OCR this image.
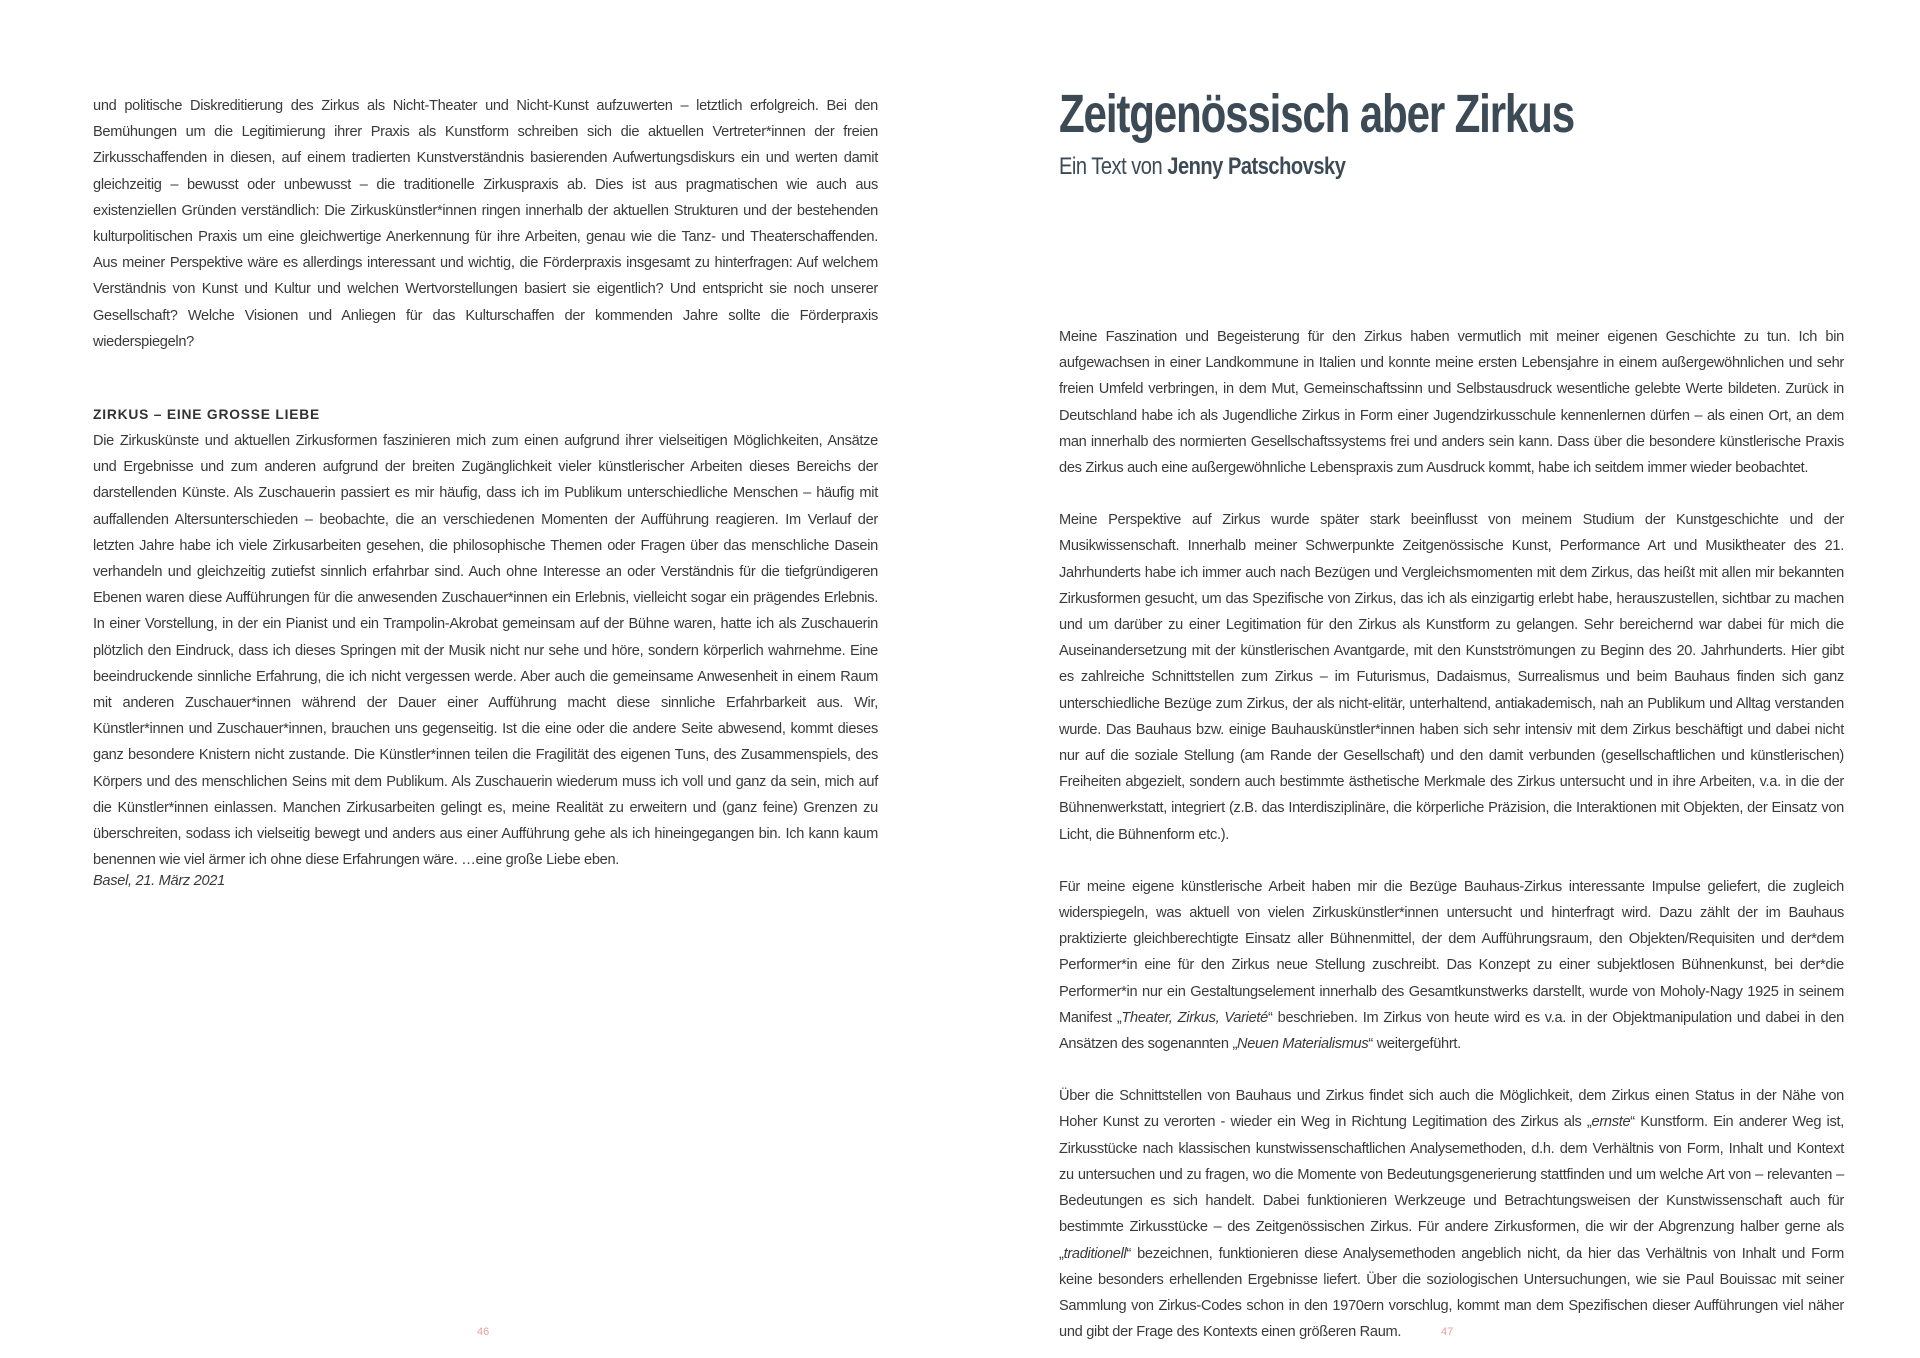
und politische Diskreditierung des Zirkus als Nicht-Theater und Nicht-Kunst aufzuwerten – letztlich erfolgreich. Bei den Bemühungen um die Legitimierung ihrer Praxis als Kunstform schreiben sich die aktuellen Vertreter*innen der freien Zirkusschaffenden in diesen, auf einem tradierten Kunstverständnis basierenden Aufwertungsdiskurs ein und werten damit gleichzeitig – bewusst oder unbewusst – die traditionelle Zirkuspraxis ab. Dies ist aus pragmatischen wie auch aus existenziellen Gründen verständlich: Die Zirkuskünstler*innen ringen innerhalb der aktuellen Strukturen und der bestehenden kulturpolitischen Praxis um eine gleichwertige Anerkennung für ihre Arbeiten, genau wie die Tanz- und Theaterschaffenden. Aus meiner Perspektive wäre es allerdings interessant und wichtig, die Förderpraxis insgesamt zu hinterfragen: Auf welchem Verständnis von Kunst und Kultur und welchen Wertvorstellungen basiert sie eigentlich? Und entspricht sie noch unserer Gesellschaft? Welche Visionen und Anliegen für das Kulturschaffen der kommenden Jahre sollte die Förderpraxis wiederspiegeln?

ZIRKUS – EINE GROSSE LIEBE

Die Zirkuskünste und aktuellen Zirkusformen faszinieren mich zum einen aufgrund ihrer vielseitigen Möglichkeiten, Ansätze und Ergebnisse und zum anderen aufgrund der breiten Zugänglichkeit vieler künstlerischer Arbeiten dieses Bereichs der darstellenden Künste. Als Zuschauerin passiert es mir häufig, dass ich im Publikum unterschiedliche Menschen – häufig mit auffallenden Altersunterschieden – beobachte, die an verschiedenen Momenten der Aufführung reagieren. Im Verlauf der letzten Jahre habe ich viele Zirkusarbeiten gesehen, die philosophische Themen oder Fragen über das menschliche Dasein verhandeln und gleichzeitig zutiefst sinnlich erfahrbar sind. Auch ohne Interesse an oder Verständnis für die tiefgründigeren Ebenen waren diese Aufführungen für die anwesenden Zuschauer*innen ein Erlebnis, vielleicht sogar ein prägendes Erlebnis. In einer Vorstellung, in der ein Pianist und ein Trampolin-Akrobat gemeinsam auf der Bühne waren, hatte ich als Zuschauerin plötzlich den Eindruck, dass ich dieses Springen mit der Musik nicht nur sehe und höre, sondern körperlich wahrnehme. Eine beeindruckende sinnliche Erfahrung, die ich nicht vergessen werde. Aber auch die gemeinsame Anwesenheit in einem Raum mit anderen Zuschauer*innen während der Dauer einer Aufführung macht diese sinnliche Erfahrbarkeit aus. Wir, Künstler*innen und Zuschauer*innen, brauchen uns gegenseitig. Ist die eine oder die andere Seite abwesend, kommt dieses ganz besondere Knistern nicht zustande. Die Künstler*innen teilen die Fragilität des eigenen Tuns, des Zusammenspiels, des Körpers und des menschlichen Seins mit dem Publikum. Als Zuschauerin wiederum muss ich voll und ganz da sein, mich auf die Künstler*innen einlassen. Manchen Zirkusarbeiten gelingt es, meine Realität zu erweitern und (ganz feine) Grenzen zu überschreiten, sodass ich vielseitig bewegt und anders aus einer Aufführung gehe als ich hineingegangen bin. Ich kann kaum benennen wie viel ärmer ich ohne diese Erfahrungen wäre. …eine große Liebe eben.

Basel, 21. März 2021
46
Zeitgenössisch aber Zirkus
Ein Text von Jenny Patschovsky

Meine Faszination und Begeisterung für den Zirkus haben vermutlich mit meiner eigenen Geschichte zu tun. Ich bin aufgewachsen in einer Landkommune in Italien und konnte meine ersten Lebensjahre in einem außergewöhnlichen und sehr freien Umfeld verbringen, in dem Mut, Gemeinschaftssinn und Selbstausdruck wesentliche gelebte Werte bildeten. Zurück in Deutschland habe ich als Jugendliche Zirkus in Form einer Jugendzirkusschule kennenlernen dürfen – als einen Ort, an dem man innerhalb des normierten Gesellschaftssystems frei und anders sein kann. Dass über die besondere künstlerische Praxis des Zirkus auch eine außergewöhnliche Lebenspraxis zum Ausdruck kommt, habe ich seitdem immer wieder beobachtet.

Meine Perspektive auf Zirkus wurde später stark beeinflusst von meinem Studium der Kunstgeschichte und der Musikwissenschaft. Innerhalb meiner Schwerpunkte Zeitgenössische Kunst, Performance Art und Musiktheater des 21. Jahrhunderts habe ich immer auch nach Bezügen und Vergleichsmomenten mit dem Zirkus, das heißt mit allen mir bekannten Zirkusformen gesucht, um das Spezifische von Zirkus, das ich als einzigartig erlebt habe, herauszustellen, sichtbar zu machen und um darüber zu einer Legitimation für den Zirkus als Kunstform zu gelangen. Sehr bereichernd war dabei für mich die Auseinandersetzung mit der künstlerischen Avantgarde, mit den Kunstströmungen zu Beginn des 20. Jahrhunderts. Hier gibt es zahlreiche Schnittstellen zum Zirkus – im Futurismus, Dadaismus, Surrealismus und beim Bauhaus finden sich ganz unterschiedliche Bezüge zum Zirkus, der als nicht-elitär, unterhaltend, antiakademisch, nah an Publikum und Alltag verstanden wurde. Das Bauhaus bzw. einige Bauhauskünstler*innen haben sich sehr intensiv mit dem Zirkus beschäftigt und dabei nicht nur auf die soziale Stellung (am Rande der Gesellschaft) und den damit verbunden (gesellschaftlichen und künstlerischen) Freiheiten abgezielt, sondern auch bestimmte ästhetische Merkmale des Zirkus untersucht und in ihre Arbeiten, v.a. in die der Bühnenwerkstatt, integriert (z.B. das Interdisziplinäre, die körperliche Präzision, die Interaktionen mit Objekten, der Einsatz von Licht, die Bühnenform etc.).

Für meine eigene künstlerische Arbeit haben mir die Bezüge Bauhaus-Zirkus interessante Impulse geliefert, die zugleich widerspiegeln, was aktuell von vielen Zirkuskünstler*innen untersucht und hinterfragt wird. Dazu zählt der im Bauhaus praktizierte gleichberechtigte Einsatz aller Bühnenmittel, der dem Aufführungsraum, den Objekten/Requisiten und der*dem Performer*in eine für den Zirkus neue Stellung zuschreibt. Das Konzept zu einer subjektlosen Bühnenkunst, bei der*die Performer*in nur ein Gestaltungselement innerhalb des Gesamtkunstwerks darstellt, wurde von Moholy-Nagy 1925 in seinem Manifest „Theater, Zirkus, Varieté“ beschrieben. Im Zirkus von heute wird es v.a. in der Objektmanipulation und dabei in den Ansätzen des sogenannten „Neuen Materialismus“ weitergeführt.

Über die Schnittstellen von Bauhaus und Zirkus findet sich auch die Möglichkeit, dem Zirkus einen Status in der Nähe von Hoher Kunst zu verorten - wieder ein Weg in Richtung Legitimation des Zirkus als „ernste“ Kunstform. Ein anderer Weg ist, Zirkusstücke nach klassischen kunstwissenschaftlichen Analysemethoden, d.h. dem Verhältnis von Form, Inhalt und Kontext zu untersuchen und zu fragen, wo die Momente von Bedeutungsgenerierung stattfinden und um welche Art von – relevanten – Bedeutungen es sich handelt. Dabei funktionieren Werkzeuge und Betrachtungsweisen der Kunstwissenschaft auch für bestimmte Zirkusstücke – des Zeitgenössischen Zirkus. Für andere Zirkusformen, die wir der Abgrenzung halber gerne als „traditionell“ bezeichnen, funktionieren diese Analysemethoden angeblich nicht, da hier das Verhältnis von Inhalt und Form keine besonders erhellenden Ergebnisse liefert. Über die soziologischen Untersuchungen, wie sie Paul Bouissac mit seiner Sammlung von Zirkus-Codes schon in den 1970ern vorschlug, kommt man dem Spezifischen dieser Aufführungen viel näher und gibt der Frage des Kontexts einen größeren Raum.	47
